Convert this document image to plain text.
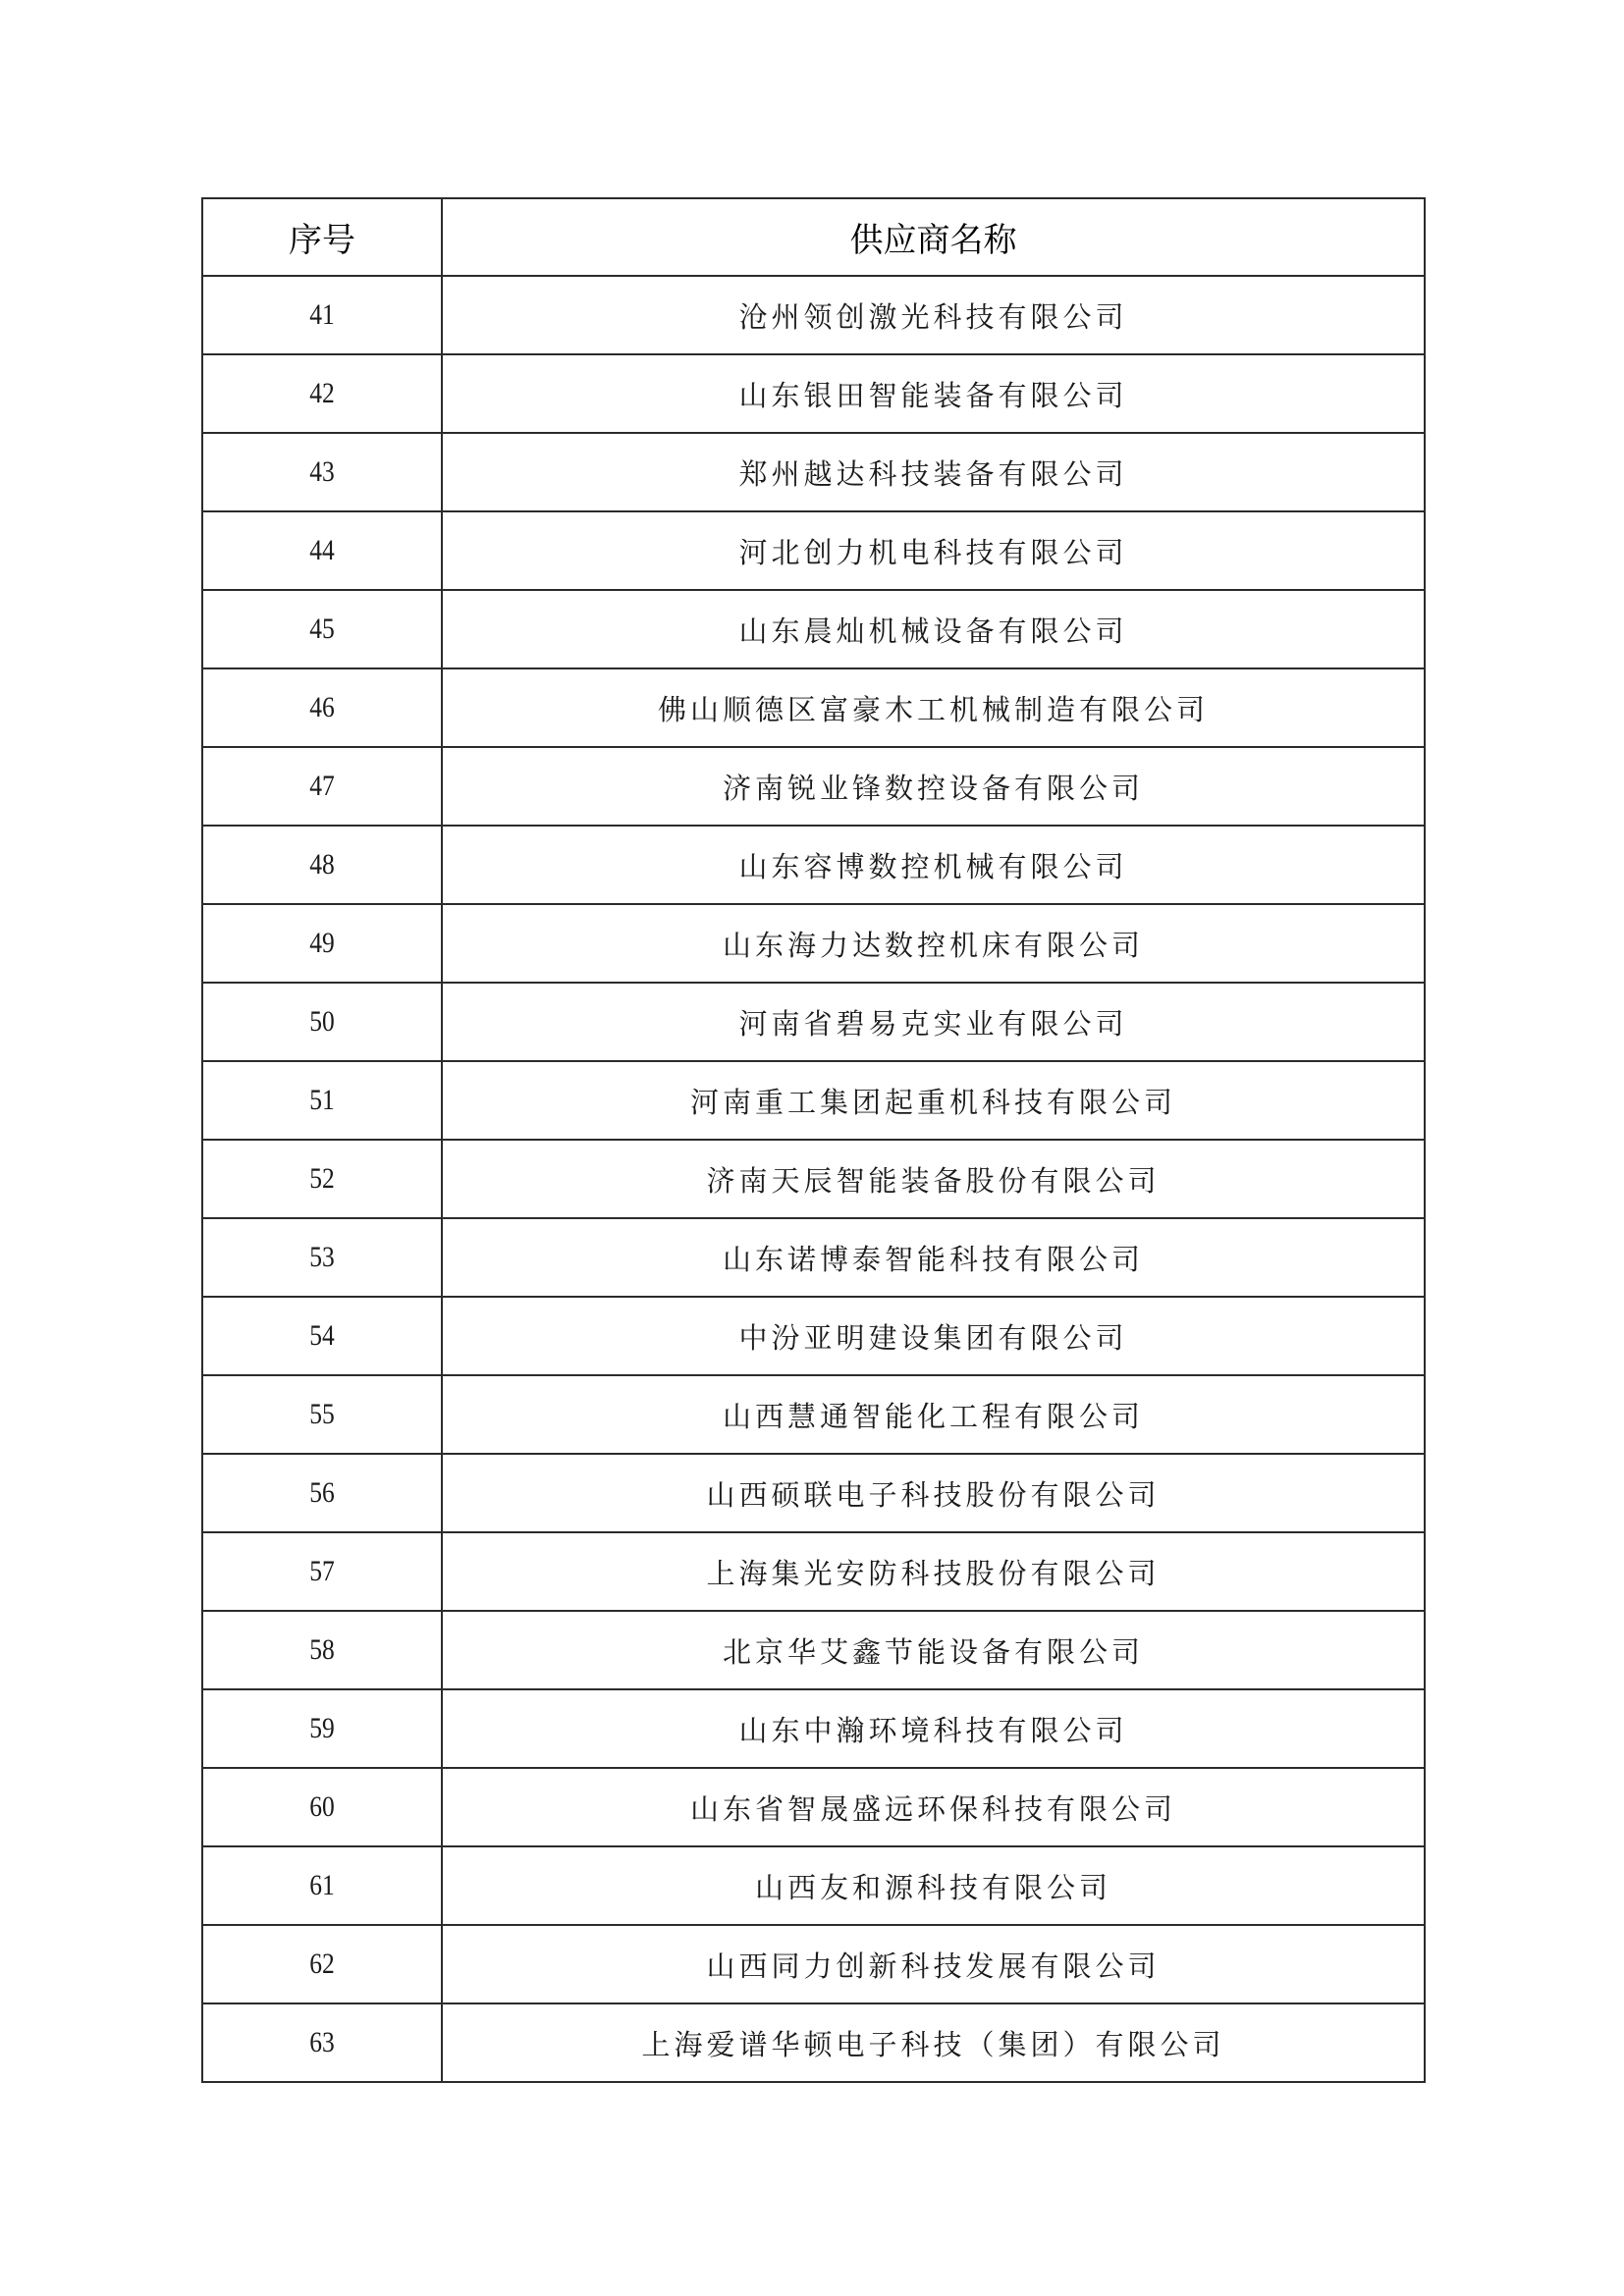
序号	供应商名称
41	沧州领创激光科技有限公司
42	山东银田智能装备有限公司
43	郑州越达科技装备有限公司
44	河北创力机电科技有限公司
45	山东晨灿机械设备有限公司
46	佛山顺德区富豪木工机械制造有限公司
47	济南锐业锋数控设备有限公司
48	山东容博数控机械有限公司
49	山东海力达数控机床有限公司
50	河南省碧易克实业有限公司
51	河南重工集团起重机科技有限公司
52	济南天辰智能装备股份有限公司
53	山东诺博泰智能科技有限公司
54	中汾亚明建设集团有限公司
55	山西慧通智能化工程有限公司
56	山西硕联电子科技股份有限公司
57	上海集光安防科技股份有限公司
58	北京华艾鑫节能设备有限公司
59	山东中瀚环境科技有限公司
60	山东省智晟盛远环保科技有限公司
61	山西友和源科技有限公司
62	山西同力创新科技发展有限公司
63	上海爱谱华顿电子科技（集团）有限公司
